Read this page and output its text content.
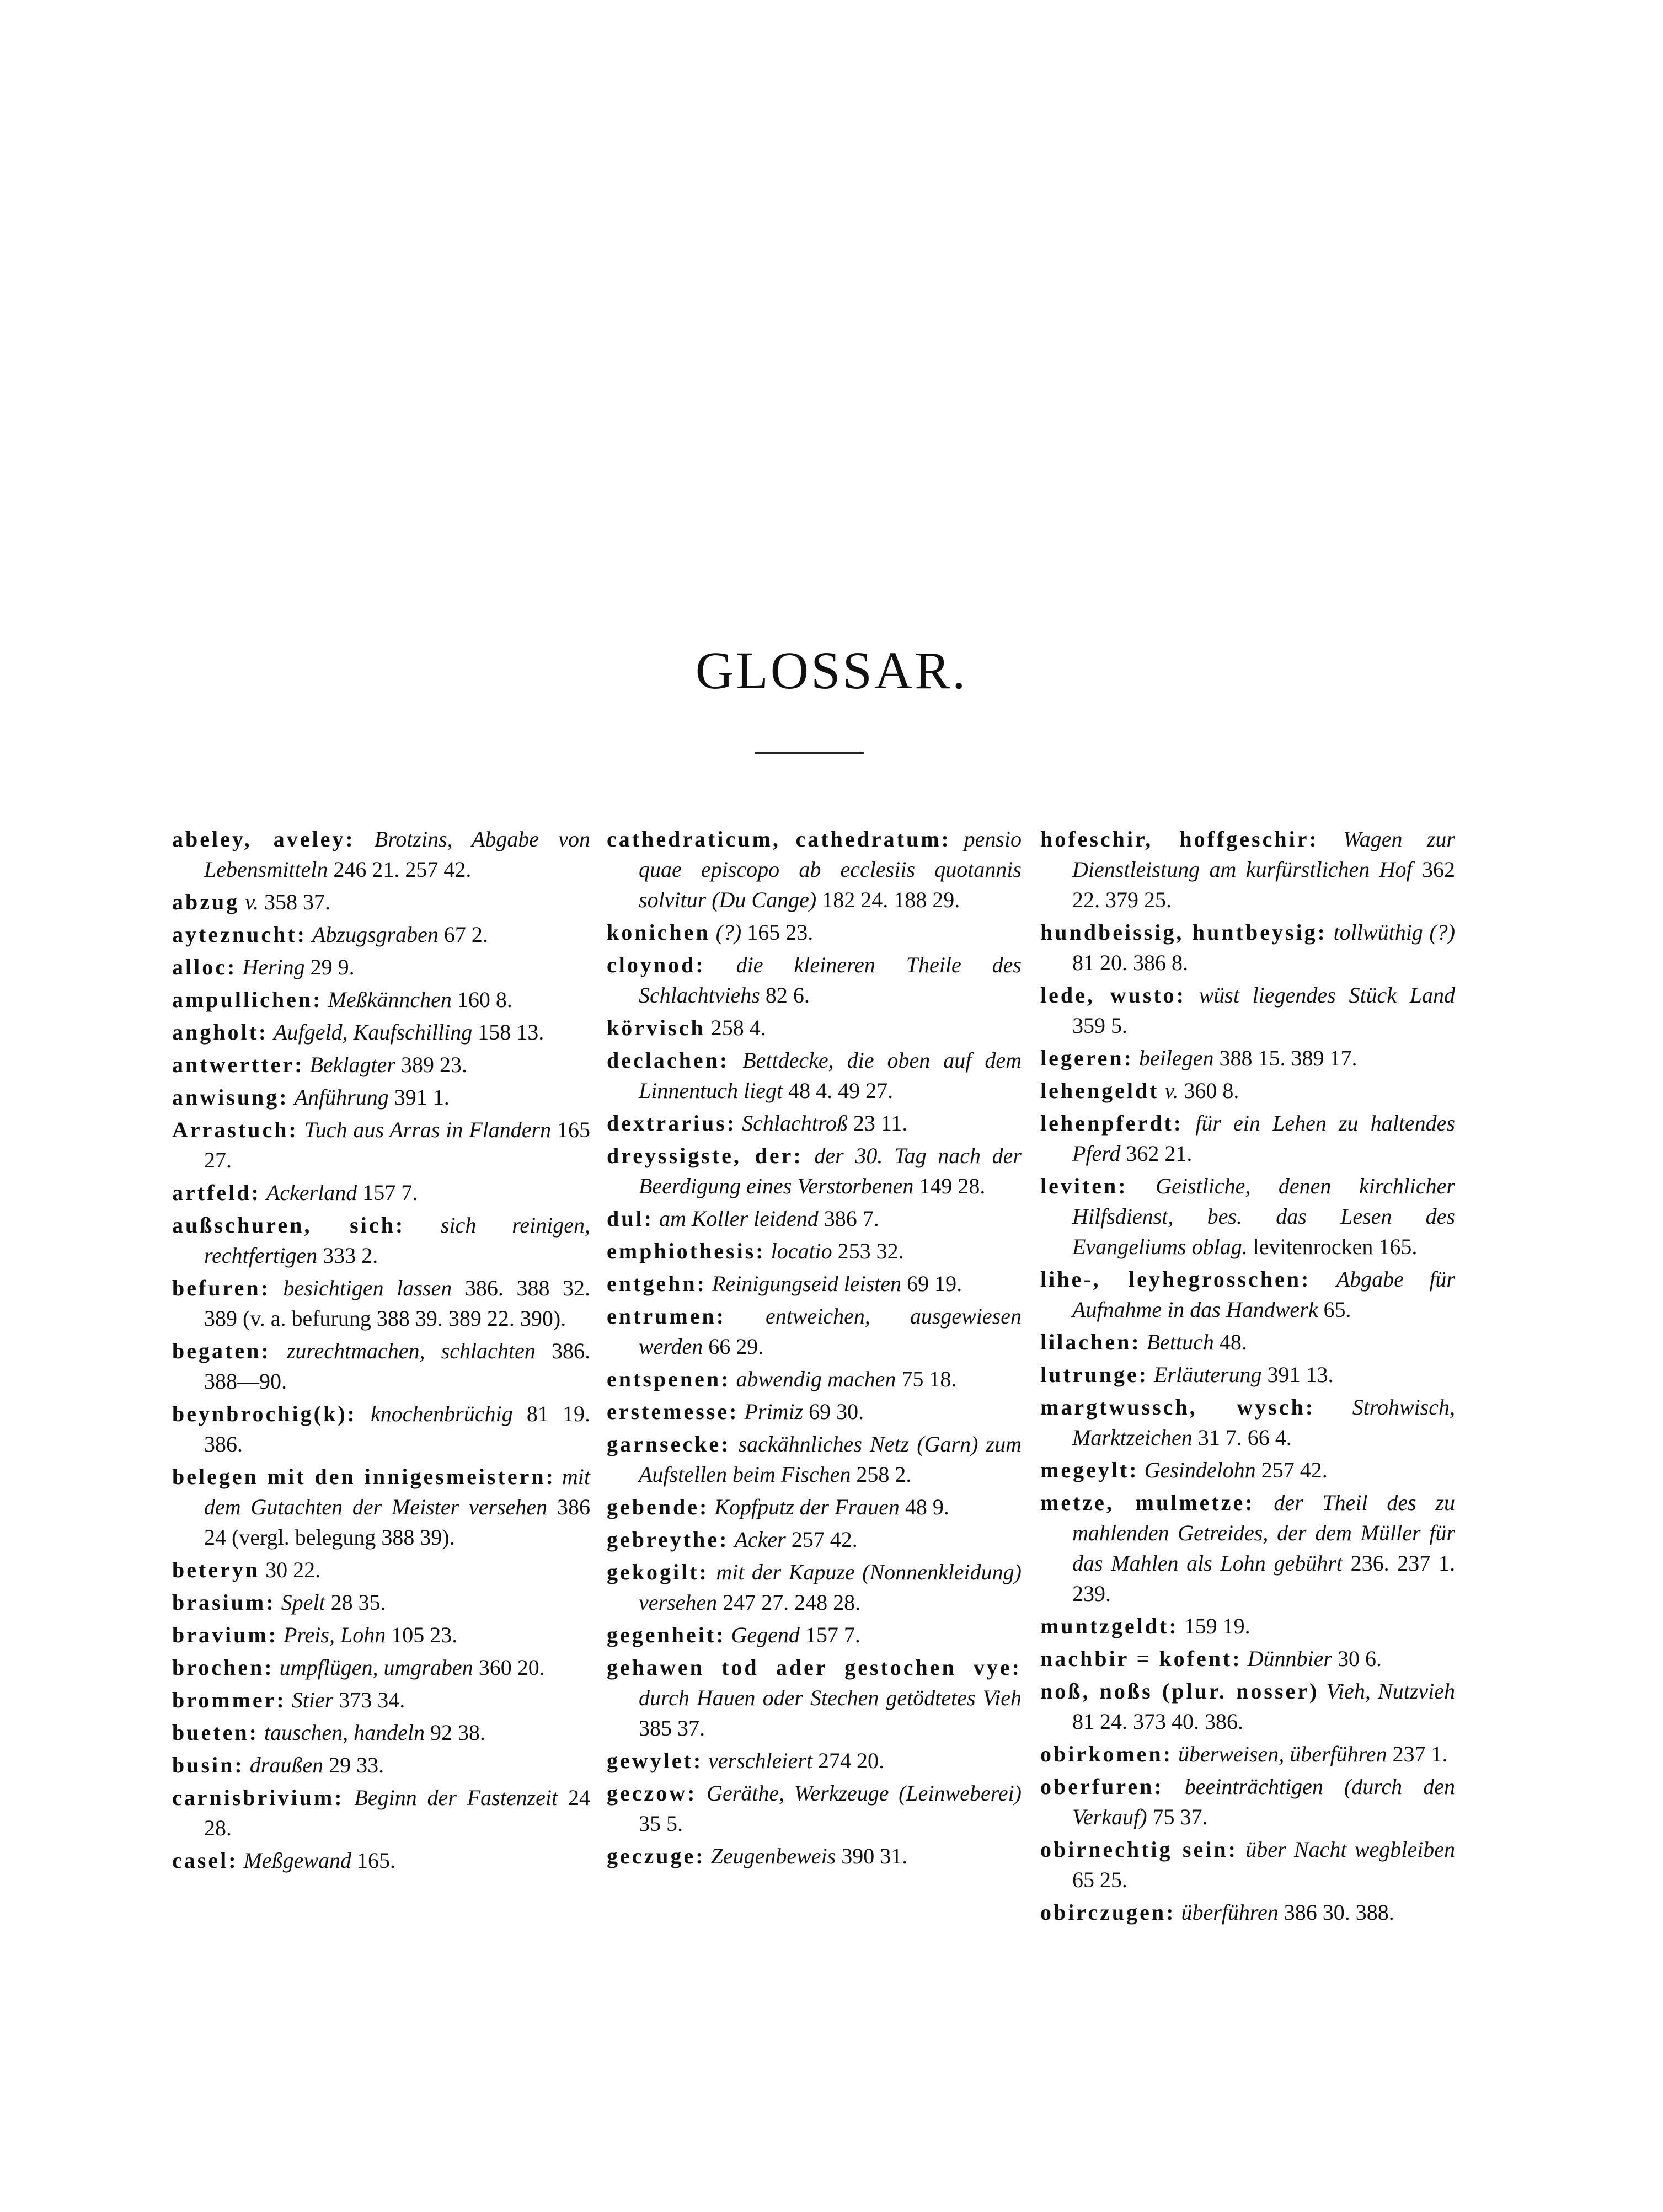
GLOSSAR.
abeley, aveley: Brotzins, Abgabe von Lebensmitteln 246 21. 257 42.
abzug v. 358 37.
ayteznucht: Abzugsgraben 67 2.
alloc: Hering 29 9.
ampullichen: Meßkännchen 160 8.
angholt: Aufgeld, Kaufschilling 158 13.
antwertter: Beklagter 389 23.
anwisung: Anführung 391 1.
Arrastuch: Tuch aus Arras in Flandern 165 27.
artfeld: Ackerland 157 7.
außschuren, sich: sich reinigen, rechtfertigen 333 2.
befuren: besichtigen lassen 386. 388 32. 389 (v. a. befurung 388 39. 389 22. 390).
begaten: zurechtmachen, schlachten 386. 388—90.
beynbrochig(k): knochenbrüchig 81 19. 386.
belegen mit den innigesmeistern: mit dem Gutachten der Meister versehen 386 24 (vergl. belegung 388 39).
beteryn 30 22.
brasium: Spelt 28 35.
bravium: Preis, Lohn 105 23.
brochen: umpflügen, umgraben 360 20.
brommer: Stier 373 34.
bueten: tauschen, handeln 92 38.
busin: draußen 29 33.
carnisbrivium: Beginn der Fastenzeit 24 28.
casel: Meßgewand 165.
cathedraticum, cathedratum: pensio quae episcopo ab ecclesiis quotannis solvitur (Du Cange) 182 24. 188 29.
konichen (?) 165 23.
cloynod: die kleineren Theile des Schlachtviehs 82 6.
körvisch 258 4.
declachen: Bettdecke, die oben auf dem Linnentuch liegt 48 4. 49 27.
dextrarius: Schlachtroß 23 11.
dreyssigste, der: der 30. Tag nach der Beerdigung eines Verstorbenen 149 28.
dul: am Koller leidend 386 7.
emphiothesis: locatio 253 32.
entgehn: Reinigungseid leisten 69 19.
entrumen: entweichen, ausgewiesen werden 66 29.
entspenen: abwendig machen 75 18.
erstemesse: Primiz 69 30.
garnsecke: sackähnliches Netz (Garn) zum Aufstellen beim Fischen 258 2.
gebende: Kopfputz der Frauen 48 9.
gebreythe: Acker 257 42.
gekogilt: mit der Kapuze (Nonnenkleidung) versehen 247 27. 248 28.
gegenheit: Gegend 157 7.
gehawen tod ader gestochen vye: durch Hauen oder Stechen getödtetes Vieh 385 37.
gewylet: verschleiert 274 20.
geczow: Geräthe, Werkzeuge (Leinweberei) 35 5.
geczuge: Zeugenbeweis 390 31.
hofeschir, hoffgeschir: Wagen zur Dienstleistung am kurfürstlichen Hof 362 22. 379 25.
hundbeissig, huntbeysig: tollwüthig (?) 81 20. 386 8.
lede, wusto: wüst liegendes Stück Land 359 5.
legeren: beilegen 388 15. 389 17.
lehengeldt v. 360 8.
lehenpferdt: für ein Lehen zu haltendes Pferd 362 21.
leviten: Geistliche, denen kirchlicher Hilfsdienst, bes. das Lesen des Evangeliums oblag. levitenrocken 165.
lihe-, leyhegrosschen: Abgabe für Aufnahme in das Handwerk 65.
lilachen: Bettuch 48.
lutrunge: Erläuterung 391 13.
margtwussch, wysch: Strohwisch, Marktzeichen 31 7. 66 4.
megeylt: Gesindelohn 257 42.
metze, mulmetze: der Theil des zu mahlenden Getreides, der dem Müller für das Mahlen als Lohn gebührt 236. 237 1. 239.
muntzgeldt: 159 19.
nachbir = kofent: Dünnbier 30 6.
noß, noßs (plur. nosser) Vieh, Nutzvieh 81 24. 373 40. 386.
obirkomen: überweisen, überführen 237 1.
oberfuren: beeinträchtigen (durch den Verkauf) 75 37.
obirnechtig sein: über Nacht wegbleiben 65 25.
obirczugen: überführen 386 30. 388.
